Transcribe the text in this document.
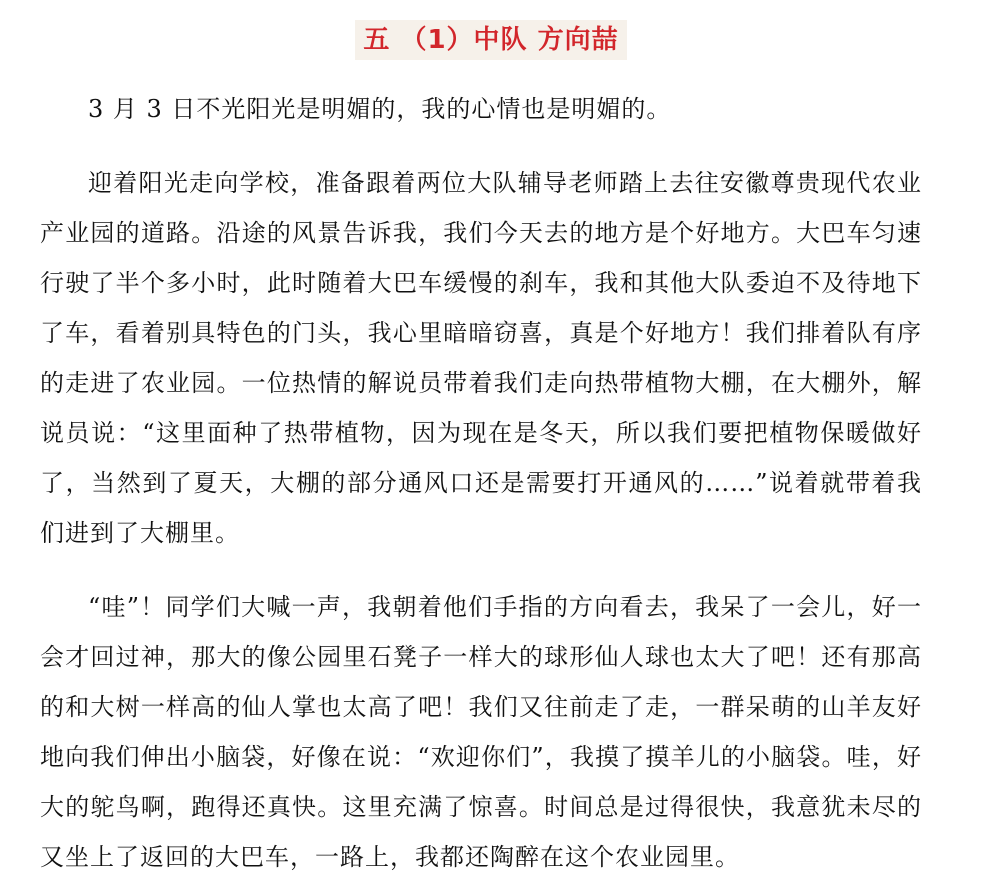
五 （1）中队 方向喆

3 月 3 日不光阳光是明媚的，我的心情也是明媚的。

迎着阳光走向学校，准备跟着两位大队辅导老师踏上去往安徽尊贵现代农业产业园的道路。沿途的风景告诉我，我们今天去的地方是个好地方。大巴车匀速行驶了半个多小时，此时随着大巴车缓慢的刹车，我和其他大队委迫不及待地下了车，看着别具特色的门头，我心里暗暗窃喜，真是个好地方！我们排着队有序的走进了农业园。一位热情的解说员带着我们走向热带植物大棚，在大棚外，解说员说：“这里面种了热带植物，因为现在是冬天，所以我们要把植物保暖做好了，当然到了夏天，大棚的部分通风口还是需要打开通风的……”说着就带着我们进到了大棚里。

“哇”！同学们大喊一声，我朝着他们手指的方向看去，我呆了一会儿，好一会才回过神，那大的像公园里石凳子一样大的球形仙人球也太大了吧！还有那高的和大树一样高的仙人掌也太高了吧！我们又往前走了走，一群呆萌的山羊友好地向我们伸出小脑袋，好像在说：“欢迎你们”，我摸了摸羊儿的小脑袋。哇，好大的鸵鸟啊，跑得还真快。这里充满了惊喜。时间总是过得很快，我意犹未尽的又坐上了返回的大巴车，一路上，我都还陶醉在这个农业园里。
